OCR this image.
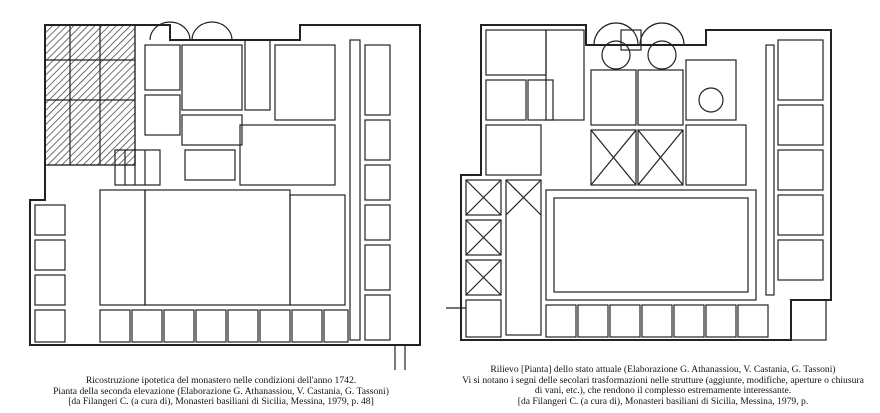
Ricostruzione ipotetica del monastero nelle condizioni dell'anno 1742.
Pianta della seconda elevazione (Elaborazione G. Athanassiou, V. Castania, G. Tassoni)
[da Filangeri C. (a cura di), Monasteri basiliani di Sicilia, Messina, 1979, p. 48]
Rilievo [Pianta] dello stato attuale (Elaborazione G. Athanassiou, V. Castania, G. Tassoni)
Vi si notano i segni delle secolari trasformazioni nelle strutture (aggiunte, modifiche, aperture o chiusura
di vani, etc.), che rendono il complesso estremamente interessante.
[da Filangeri C. (a cura di), Monasteri basiliani di Sicilia, Messina, 1979, p.
